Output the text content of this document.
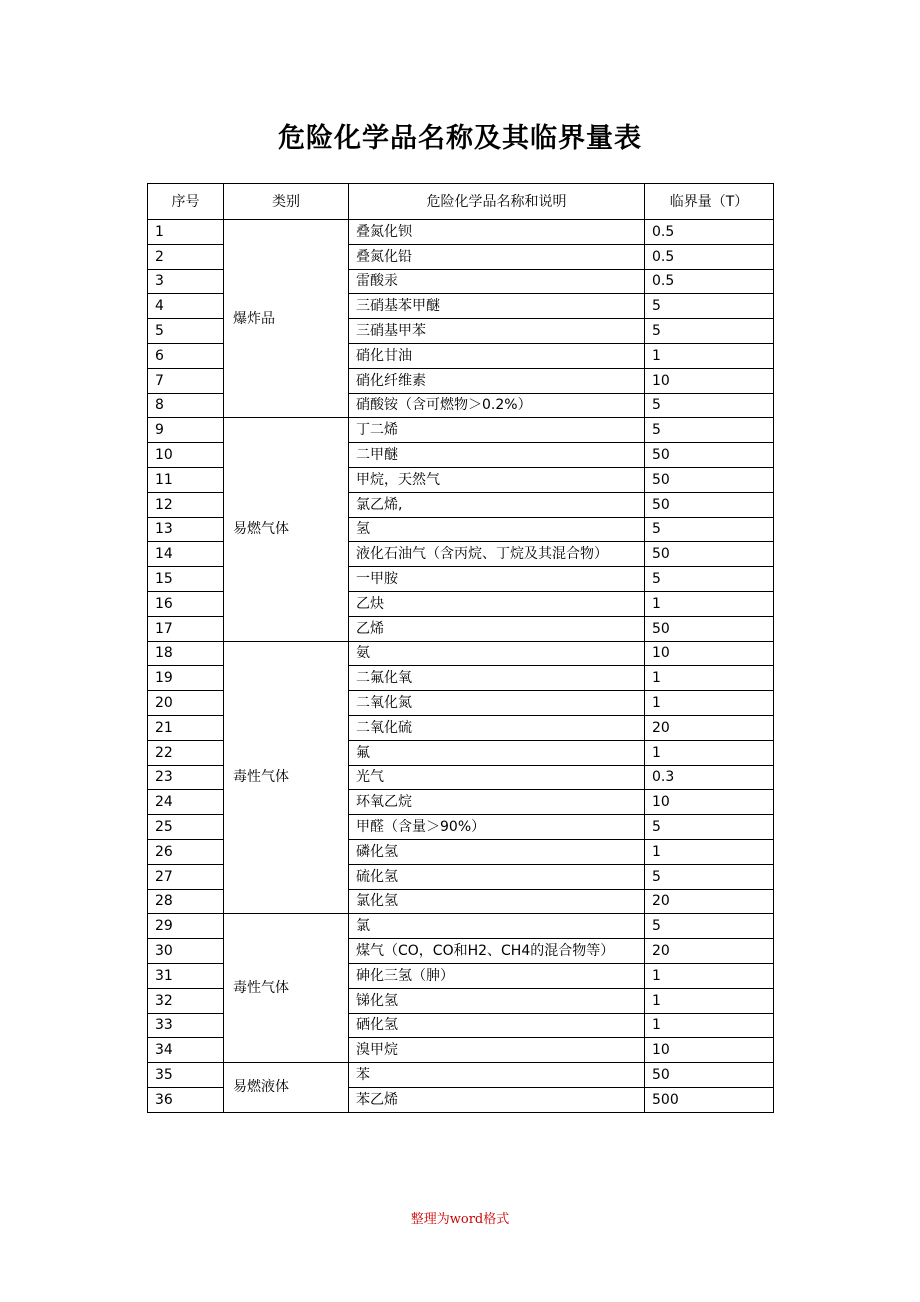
危险化学品名称及其临界量表
序号	类别	危险化学品名称和说明	临界量（T）
1	爆炸品	叠氮化钡	0.5
2		叠氮化铅	0.5
3		雷酸汞	0.5
4		三硝基苯甲醚	5
5		三硝基甲苯	5
6		硝化甘油	1
7		硝化纤维素	10
8		硝酸铵（含可燃物＞0.2%）	5
9	易燃气体	丁二烯	5
10		二甲醚	50
11		甲烷，天然气	50
12		氯乙烯,	50
13		氢	5
14		液化石油气（含丙烷、丁烷及其混合物）	50
15		一甲胺	5
16		乙炔	1
17		乙烯	50
18	毒性气体	氨	10
19		二氟化氧	1
20		二氧化氮	1
21		二氧化硫	20
22		氟	1
23		光气	0.3
24		环氧乙烷	10
25		甲醛（含量＞90%）	5
26		磷化氢	1
27		硫化氢	5
28		氯化氢	20
29	毒性气体	氯	5
30		煤气（CO，CO和H2、CH4的混合物等）	20
31		砷化三氢（胂）	1
32		锑化氢	1
33		硒化氢	1
34		溴甲烷	10
35	易燃液体	苯	50
36		苯乙烯	500
整理为word格式
